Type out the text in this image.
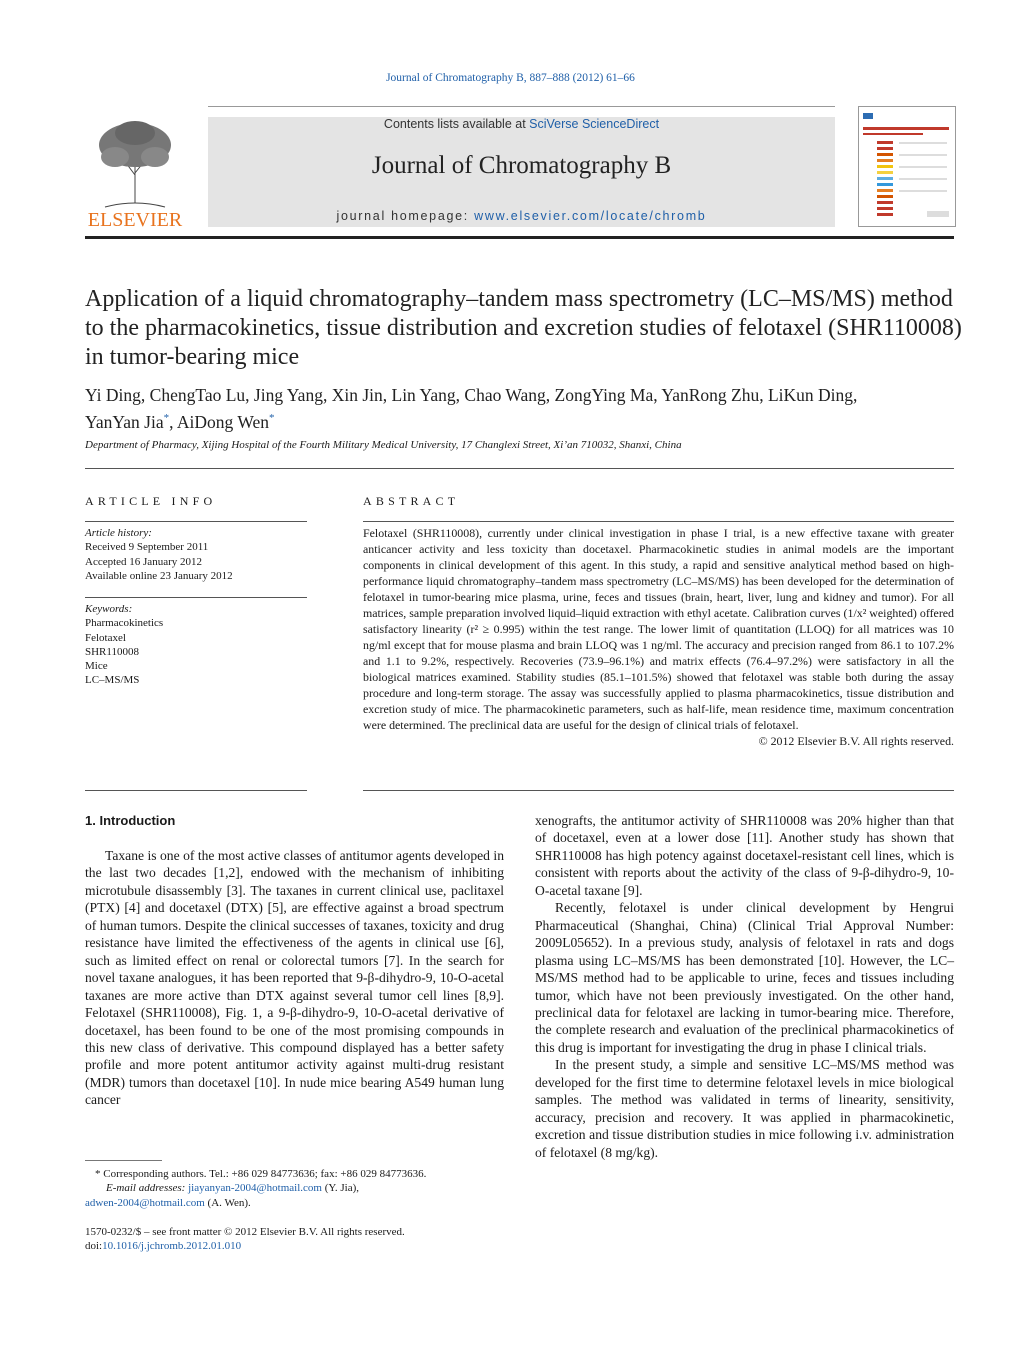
Journal of Chromatography B, 887–888 (2012) 61–66
ELSEVIER
Contents lists available at SciVerse ScienceDirect
Journal of Chromatography B
journal homepage: www.elsevier.com/locate/chromb
Application of a liquid chromatography–tandem mass spectrometry (LC–MS/MS) method to the pharmacokinetics, tissue distribution and excretion studies of felotaxel (SHR110008) in tumor-bearing mice
Yi Ding, ChengTao Lu, Jing Yang, Xin Jin, Lin Yang, Chao Wang, ZongYing Ma, YanRong Zhu, LiKun Ding,
YanYan Jia*, AiDong Wen*
Department of Pharmacy, Xijing Hospital of the Fourth Military Medical University, 17 Changlexi Street, Xi’an 710032, Shanxi, China
ARTICLE INFO
Article history:
Received 9 September 2011
Accepted 16 January 2012
Available online 23 January 2012
Keywords:
Pharmacokinetics
Felotaxel
SHR110008
Mice
LC–MS/MS
ABSTRACT
Felotaxel (SHR110008), currently under clinical investigation in phase I trial, is a new effective taxane with greater anticancer activity and less toxicity than docetaxel. Pharmacokinetic studies in animal models are the important components in clinical development of this agent. In this study, a rapid and sensitive analytical method based on high-performance liquid chromatography–tandem mass spectrometry (LC–MS/MS) has been developed for the determination of felotaxel in tumor-bearing mice plasma, urine, feces and tissues (brain, heart, liver, lung and kidney and tumor). For all matrices, sample preparation involved liquid–liquid extraction with ethyl acetate. Calibration curves (1/x² weighted) offered satisfactory linearity (r² ≥ 0.995) within the test range. The lower limit of quantitation (LLOQ) for all matrices was 10 ng/ml except that for mouse plasma and brain LLOQ was 1 ng/ml. The accuracy and precision ranged from 86.1 to 107.2% and 1.1 to 9.2%, respectively. Recoveries (73.9–96.1%) and matrix effects (76.4–97.2%) were satisfactory in all the biological matrices examined. Stability studies (85.1–101.5%) showed that felotaxel was stable both during the assay procedure and long-term storage. The assay was successfully applied to plasma pharmacokinetics, tissue distribution and excretion study of mice. The pharmacokinetic parameters, such as half-life, mean residence time, maximum concentration were determined. The preclinical data are useful for the design of clinical trials of felotaxel.
© 2012 Elsevier B.V. All rights reserved.
1. Introduction

Taxane is one of the most active classes of antitumor agents developed in the last two decades [1,2], endowed with the mechanism of inhibiting microtubule disassembly [3]. The taxanes in current clinical use, paclitaxel (PTX) [4] and docetaxel (DTX) [5], are effective against a broad spectrum of human tumors. Despite the clinical successes of taxanes, toxicity and drug resistance have limited the effectiveness of the agents in clinical use [6], such as limited effect on renal or colorectal tumors [7]. In the search for novel taxane analogues, it has been reported that 9-β-dihydro-9, 10-O-acetal taxanes are more active than DTX against several tumor cell lines [8,9]. Felotaxel (SHR110008), Fig. 1, a 9-β-dihydro-9, 10-O-acetal derivative of docetaxel, has been found to be one of the most promising compounds in this new class of derivative. This compound displayed has a better safety profile and more potent antitumor activity against multi-drug resistant (MDR) tumors than docetaxel [10]. In nude mice bearing A549 human lung cancer

xenografts, the antitumor activity of SHR110008 was 20% higher than that of docetaxel, even at a lower dose [11]. Another study has shown that SHR110008 has high potency against docetaxel-resistant cell lines, which is consistent with reports about the activity of the class of 9-β-dihydro-9, 10-O-acetal taxane [9].

Recently, felotaxel is under clinical development by Hengrui Pharmaceutical (Shanghai, China) (Clinical Trial Approval Number: 2009L05652). In a previous study, analysis of felotaxel in rats and dogs plasma using LC–MS/MS has been demonstrated [10]. However, the LC–MS/MS method had to be applicable to urine, feces and tissues including tumor, which have not been previously investigated. On the other hand, preclinical data for felotaxel are lacking in tumor-bearing mice. Therefore, the complete research and evaluation of the preclinical pharmacokinetics of this drug is important for investigating the drug in phase I clinical trials.

In the present study, a simple and sensitive LC–MS/MS method was developed for the first time to determine felotaxel levels in mice biological samples. The method was validated in terms of linearity, sensitivity, accuracy, precision and recovery. It was applied in pharmacokinetic, excretion and tissue distribution studies in mice following i.v. administration of felotaxel (8 mg/kg).

* Corresponding authors. Tel.: +86 029 84773636; fax: +86 029 84773636.
E-mail addresses: jiayanyan-2004@hotmail.com (Y. Jia),
adwen-2004@hotmail.com (A. Wen).
1570-0232/$ – see front matter © 2012 Elsevier B.V. All rights reserved.
doi:10.1016/j.jchromb.2012.01.010
